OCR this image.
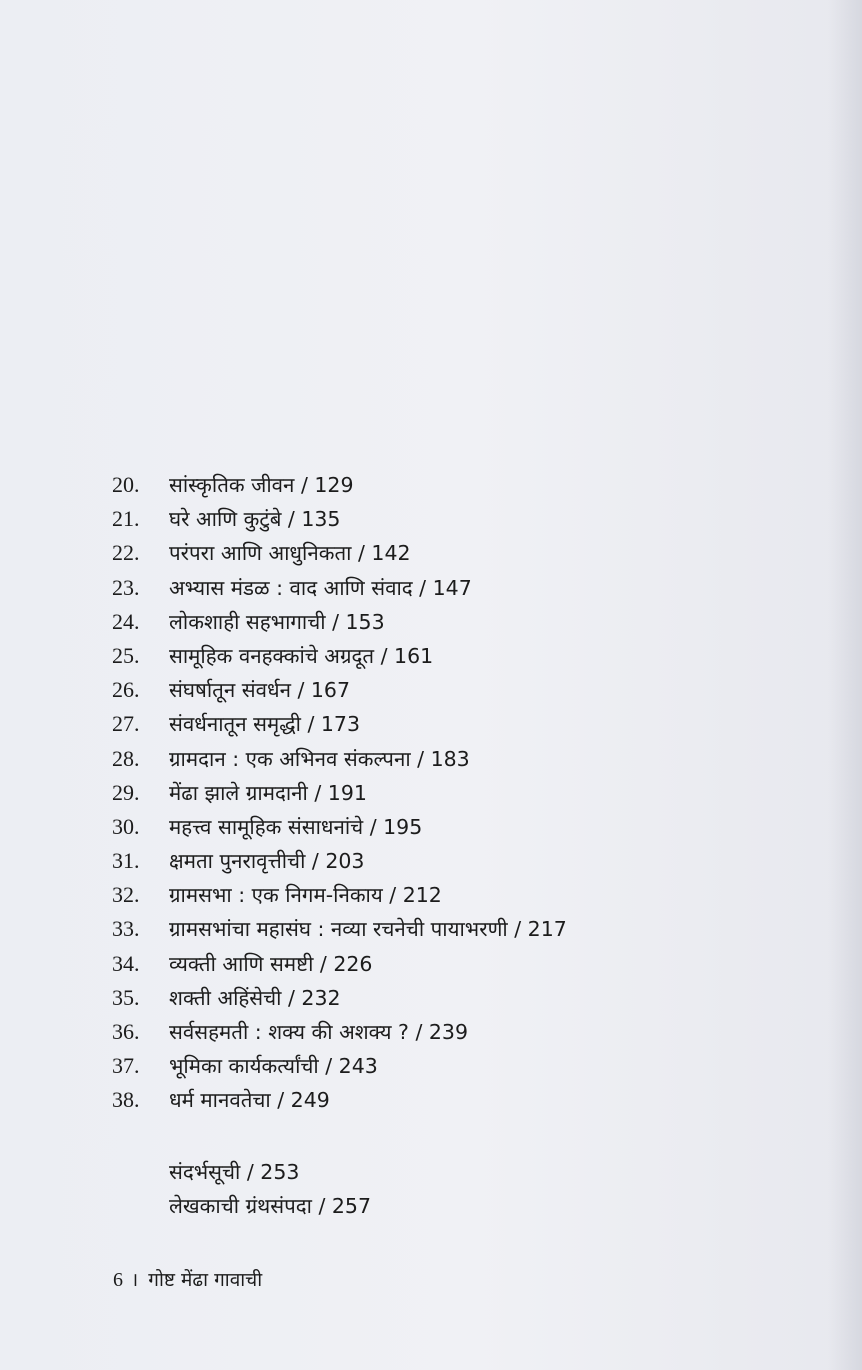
20.	सांस्कृतिक जीवन / 129
21.	घरे आणि कुटुंबे / 135
22.	परंपरा आणि आधुनिकता / 142
23.	अभ्यास मंडळ : वाद आणि संवाद / 147
24.	लोकशाही सहभागाची / 153
25.	सामूहिक वनहक्कांचे अग्रदूत / 161
26.	संघर्षातून संवर्धन / 167
27.	संवर्धनातून समृद्धी / 173
28.	ग्रामदान : एक अभिनव संकल्पना / 183
29.	मेंढा झाले ग्रामदानी / 191
30.	महत्त्व सामूहिक संसाधनांचे / 195
31.	क्षमता पुनरावृत्तीची / 203
32.	ग्रामसभा : एक निगम-निकाय / 212
33.	ग्रामसभांचा महासंघ : नव्या रचनेची पायाभरणी / 217
34.	व्यक्ती आणि समष्टी / 226
35.	शक्ती अहिंसेची / 232
36.	सर्वसहमती : शक्य की अशक्य ? / 239
37.	भूमिका कार्यकर्त्यांची / 243
38.	धर्म मानवतेचा / 249
संदर्भसूची / 253
लेखकाची ग्रंथसंपदा / 257
6 । गोष्ट मेंढा गावाची
